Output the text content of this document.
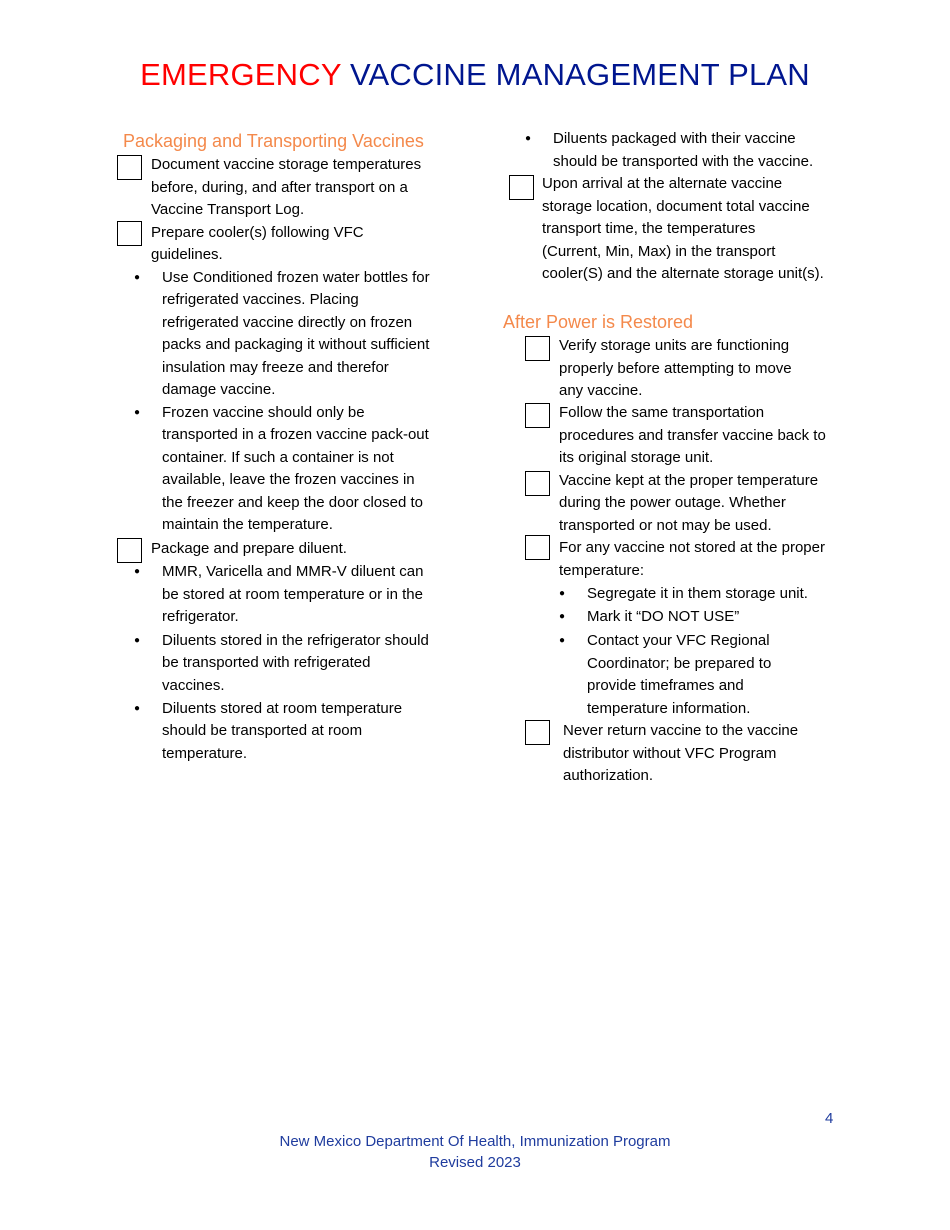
EMERGENCY VACCINE MANAGEMENT PLAN
Packaging and Transporting Vaccines
Document vaccine storage temperatures
before, during, and after transport on a
Vaccine Transport Log.
Prepare cooler(s) following VFC
guidelines.
● Use Conditioned frozen water bottles for
refrigerated vaccines. Placing
refrigerated vaccine directly on frozen
packs and packaging it without sufficient
insulation may freeze and therefor
damage vaccine.
● Frozen vaccine should only be
transported in a frozen vaccine pack-out
container. If such a container is not
available, leave the frozen vaccines in
the freezer and keep the door closed to
maintain the temperature.
Package and prepare diluent.
● MMR, Varicella and MMR-V diluent can
be stored at room temperature or in the
refrigerator.
● Diluents stored in the refrigerator should
be transported with refrigerated
vaccines.
● Diluents stored at room temperature
should be transported at room
temperature.
● Diluents packaged with their vaccine
should be transported with the vaccine.
Upon arrival at the alternate vaccine
storage location, document total vaccine
transport time, the temperatures
(Current, Min, Max) in the transport
cooler(S) and the alternate storage unit(s).
After Power is Restored
Verify storage units are functioning
properly before attempting to move
any vaccine.
Follow the same transportation
procedures and transfer vaccine back to
its original storage unit.
Vaccine kept at the proper temperature
during the power outage. Whether
transported or not may be used.
For any vaccine not stored at the proper
temperature:
● Segregate it in them storage unit.
● Mark it “DO NOT USE”
● Contact your VFC Regional
Coordinator; be prepared to
provide timeframes and
temperature information.
Never return vaccine to the vaccine
distributor without VFC Program
authorization.
4
New Mexico Department Of Health, Immunization Program
Revised 2023
